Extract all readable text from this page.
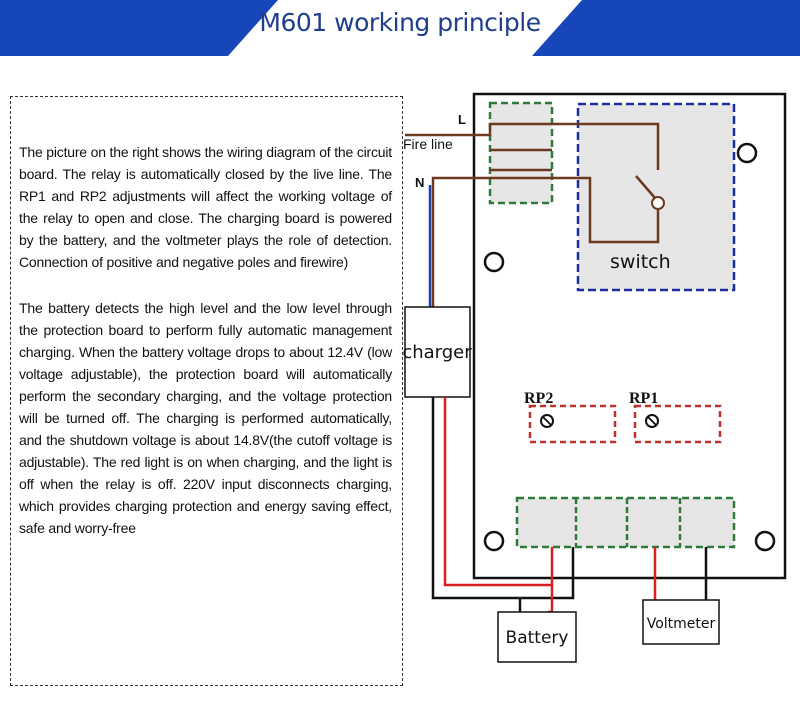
M601 working principle

The picture on the right shows the wiring diagram of the circuit board. The relay is automatically closed by the live line. The RP1 and RP2 adjustments will affect the working voltage of the relay to open and close. The charging board is powered by the battery, and the voltmeter plays the role of detection. Connection of positive and negative poles and firewire)

The battery detects the high level and the low level through the protection board to perform fully automatic management charging. When the battery voltage drops to about 12.4V (low voltage adjustable), the protection board will automatically perform the secondary charging, and the voltage protection will be turned off. The charging is performed automatically, and the shutdown voltage is about 14.8V(the cutoff voltage is adjustable). The red light is on when charging, and the light is off when the relay is off. 220V input disconnects charging, which provides charging protection and energy saving effect, safe and worry-free

charger
L
Fire line
N
switch
RP2	RP1
Battery
Voltmeter
